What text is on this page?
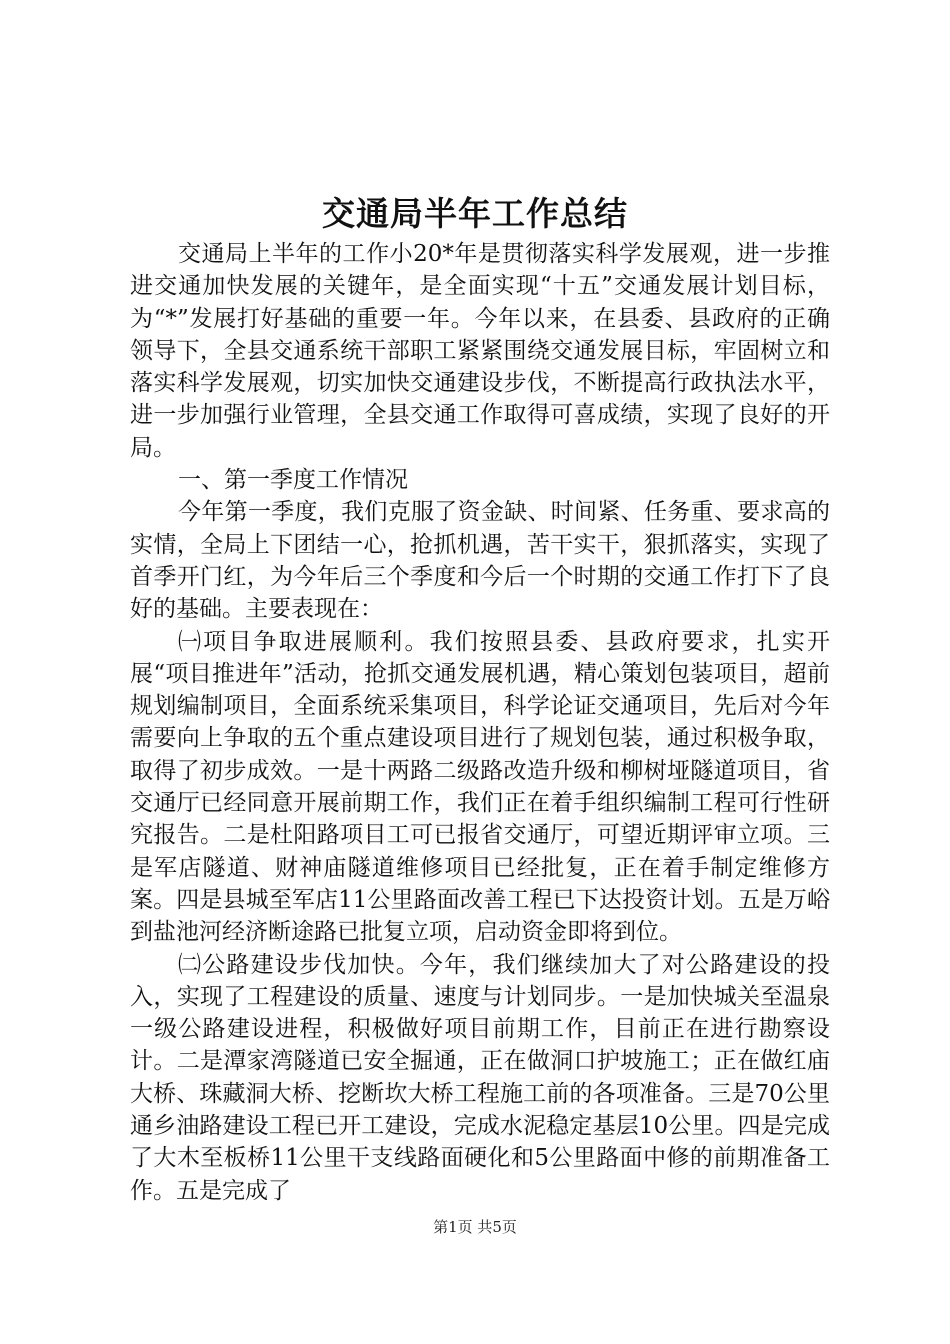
交通局半年工作总结

交通局上半年的工作小20*年是贯彻落实科学发展观，进一步推进交通加快发展的关键年，是全面实现“十五”交通发展计划目标，为“*”发展打好基础的重要一年。今年以来，在县委、县政府的正确领导下，全县交通系统干部职工紧紧围绕交通发展目标，牢固树立和落实科学发展观，切实加快交通建设步伐，不断提高行政执法水平，进一步加强行业管理，全县交通工作取得可喜成绩，实现了良好的开局。

一、第一季度工作情况

今年第一季度，我们克服了资金缺、时间紧、任务重、要求高的实情，全局上下团结一心，抢抓机遇，苦干实干，狠抓落实，实现了首季开门红，为今年后三个季度和今后一个时期的交通工作打下了良好的基础。主要表现在：

㈠项目争取进展顺利。我们按照县委、县政府要求，扎实开展“项目推进年”活动，抢抓交通发展机遇，精心策划包装项目，超前规划编制项目，全面系统采集项目，科学论证交通项目，先后对今年需要向上争取的五个重点建设项目进行了规划包装，通过积极争取，取得了初步成效。一是十两路二级路改造升级和柳树垭隧道项目，省交通厅已经同意开展前期工作，我们正在着手组织编制工程可行性研究报告。二是杜阳路项目工可已报省交通厅，可望近期评审立项。三是军店隧道、财神庙隧道维修项目已经批复，正在着手制定维修方案。四是县城至军店11公里路面改善工程已下达投资计划。五是万峪到盐池河经济断途路已批复立项，启动资金即将到位。

㈡公路建设步伐加快。今年，我们继续加大了对公路建设的投入，实现了工程建设的质量、速度与计划同步。一是加快城关至温泉一级公路建设进程，积极做好项目前期工作，目前正在进行勘察设计。二是潭家湾隧道已安全掘通，正在做洞口护坡施工；正在做红庙大桥、珠藏洞大桥、挖断坎大桥工程施工前的各项准备。三是70公里通乡油路建设工程已开工建设，完成水泥稳定基层10公里。四是完成了大木至板桥11公里干支线路面硬化和5公里路面中修的前期准备工作。五是完成了

第1页 共5页
